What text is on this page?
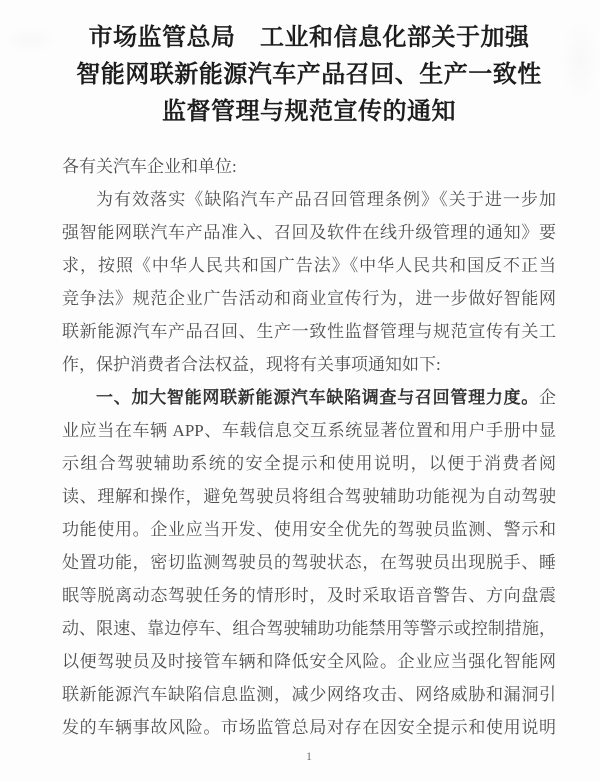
市场监管总局　工业和信息化部关于加强
智能网联新能源汽车产品召回、生产一致性
监督管理与规范宣传的通知
各有关汽车企业和单位:
为有效落实《缺陷汽车产品召回管理条例》《关于进一步加
强智能网联汽车产品准入、召回及软件在线升级管理的通知》要
求，按照《中华人民共和国广告法》《中华人民共和国反不正当
竞争法》规范企业广告活动和商业宣传行为，进一步做好智能网
联新能源汽车产品召回、生产一致性监督管理与规范宣传有关工
作，保护消费者合法权益，现将有关事项通知如下:
一、加大智能网联新能源汽车缺陷调查与召回管理力度。企
业应当在车辆 APP、车载信息交互系统显著位置和用户手册中显
示组合驾驶辅助系统的安全提示和使用说明，以便于消费者阅
读、理解和操作，避免驾驶员将组合驾驶辅助功能视为自动驾驶
功能使用。企业应当开发、使用安全优先的驾驶员监测、警示和
处置功能，密切监测驾驶员的驾驶状态，在驾驶员出现脱手、睡
眠等脱离动态驾驶任务的情形时，及时采取语音警告、方向盘震
动、限速、靠边停车、组合驾驶辅助功能禁用等警示或控制措施，
以便驾驶员及时接管车辆和降低安全风险。企业应当强化智能网
联新能源汽车缺陷信息监测，减少网络攻击、网络威胁和漏洞引
发的车辆事故风险。市场监管总局对存在因安全提示和使用说明
1
